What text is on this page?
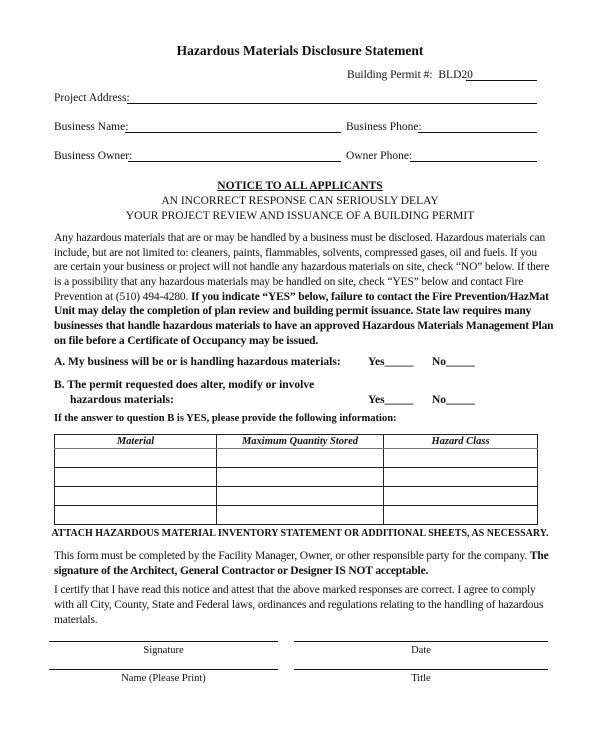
Hazardous Materials Disclosure Statement
Building Permit #: BLD20
Project Address:
Business Name:	Business Phone:
Business Owner:	Owner Phone:
NOTICE TO ALL APPLICANTS
AN INCORRECT RESPONSE CAN SERIOUSLY DELAY
YOUR PROJECT REVIEW AND ISSUANCE OF A BUILDING PERMIT
Any hazardous materials that are or may be handled by a business must be disclosed. Hazardous materials can
include, but are not limited to: cleaners, paints, flammables, solvents, compressed gases, oil and fuels. If you
are certain your business or project will not handle any hazardous materials on site, check “NO” below. If there
is a possibility that any hazardous materials may be handled on site, check “YES” below and contact Fire
Prevention at (510) 494-4280. If you indicate “YES” below, failure to contact the Fire Prevention/HazMat
Unit may delay the completion of plan review and building permit issuance. State law requires many
businesses that handle hazardous materials to have an approved Hazardous Materials Management Plan
on file before a Certificate of Occupancy may be issued.
A. My business will be or is handling hazardous materials: Yes_____ No_____
B. The permit requested does alter, modify or involve
hazardous materials:	Yes_____ No_____
If the answer to question B is YES, please provide the following information:
Material	Maximum Quantity Stored	Hazard Class

ATTACH HAZARDOUS MATERIAL INVENTORY STATEMENT OR ADDITIONAL SHEETS, AS NECESSARY.
This form must be completed by the Facility Manager, Owner, or other responsible party for the company. The
signature of the Architect, General Contractor or Designer IS NOT acceptable.
I certify that I have read this notice and attest that the above marked responses are correct. I agree to comply
with all City, County, State and Federal laws, ordinances and regulations relating to the handling of hazardous
materials.
Signature	Date
Name (Please Print)	Title
